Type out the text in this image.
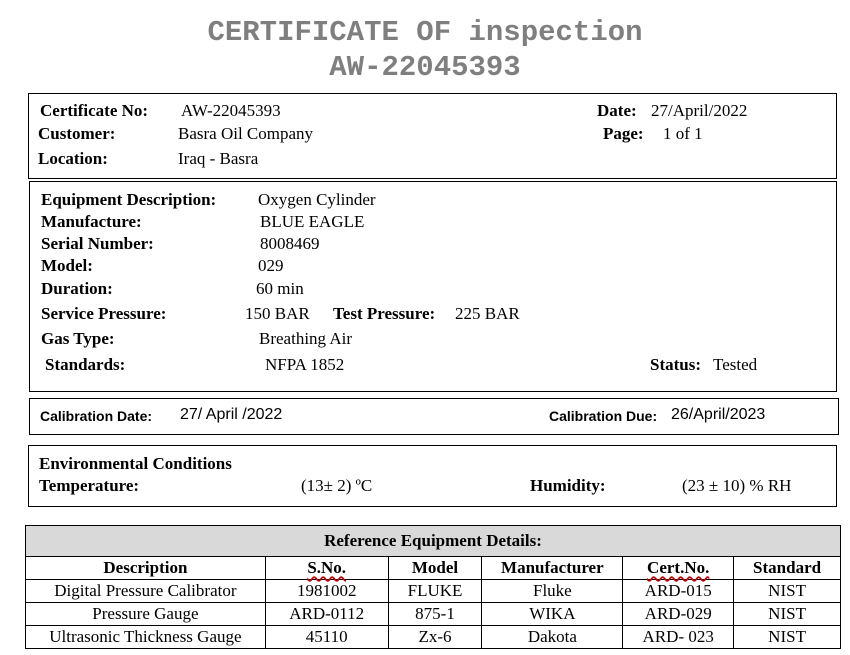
CERTIFICATE OF inspection
AW-22045393
Certificate No: AW-22045393
Customer:	Basra Oil Company
Location:	Iraq - Basra
Date: 27/April/2022
Page: 1 of 1
Equipment Description: Oxygen Cylinder
Manufacture:	BLUE EAGLE
Serial Number:	8008469
Model:	029
Duration:	60 min
Service Pressure:	150 BAR Test Pressure: 225 BAR
Gas Type:	Breathing Air
Standards:	NFPA 1852	Status: Tested
Calibration Date: 27/ April /2022	Calibration Due: 26/April/2023
Environmental Conditions
Temperature:	(13± 2) ºC	Humidity:	(23 ± 10) % RH
Reference Equipment Details:					
Description	S.No.	Model	Manufacturer	Cert.No.	Standard
Digital Pressure Calibrator	1981002	FLUKE	Fluke	ARD-015	NIST
Pressure Gauge	ARD-0112	875-1	WIKA	ARD-029	NIST
Ultrasonic Thickness Gauge	45110	Zx-6	Dakota	ARD- 023	NIST
